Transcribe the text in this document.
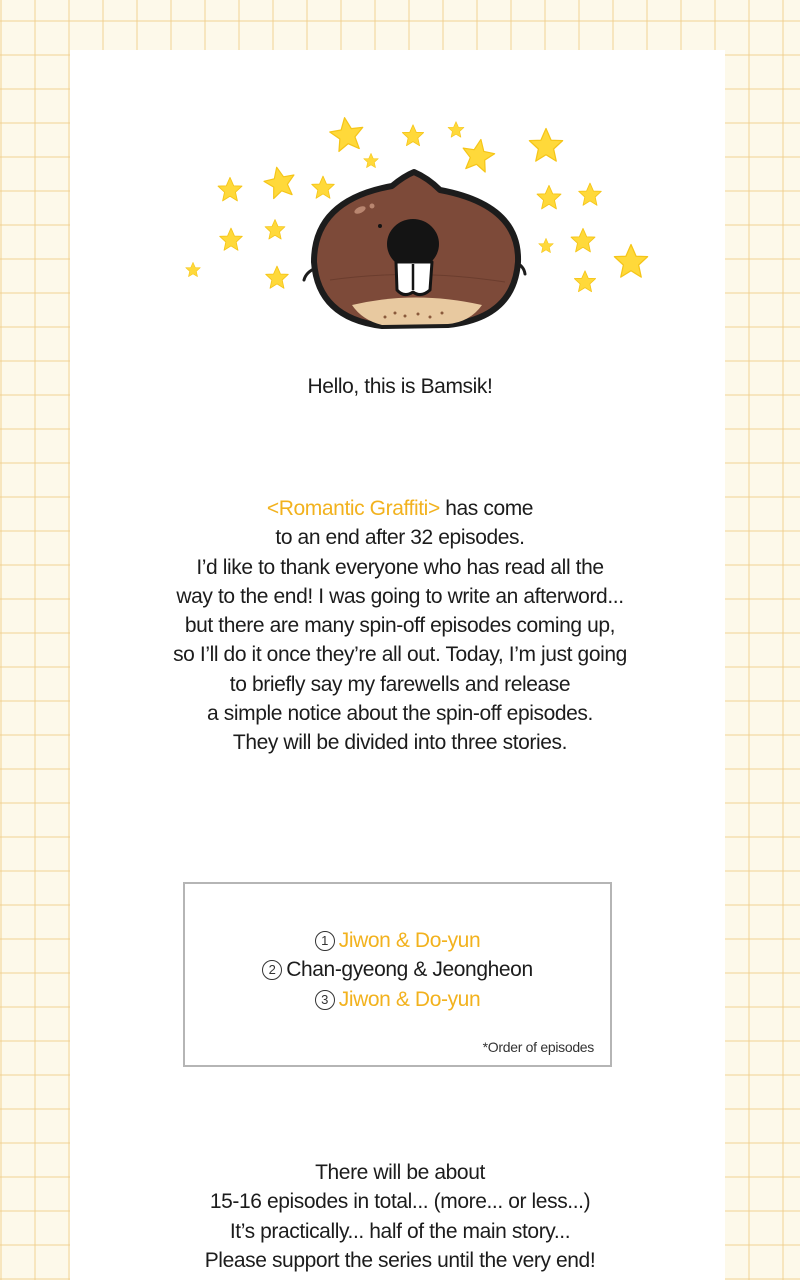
Hello, this is Bamsik!
<Romantic Graffiti> has come
to an end after 32 episodes.
I’d like to thank everyone who has read all the
way to the end! I was going to write an afterword...
but there are many spin-off episodes coming up,
so I’ll do it once they’re all out. Today, I’m just going
to briefly say my farewells and release
a simple notice about the spin-off episodes.
They will be divided into three stories.
1 Jiwon & Do-yun
2 Chan-gyeong & Jeongheon
3 Jiwon & Do-yun
*Order of episodes
There will be about
15-16 episodes in total... (more... or less...)
It’s practically... half of the main story...
Please support the series until the very end!
